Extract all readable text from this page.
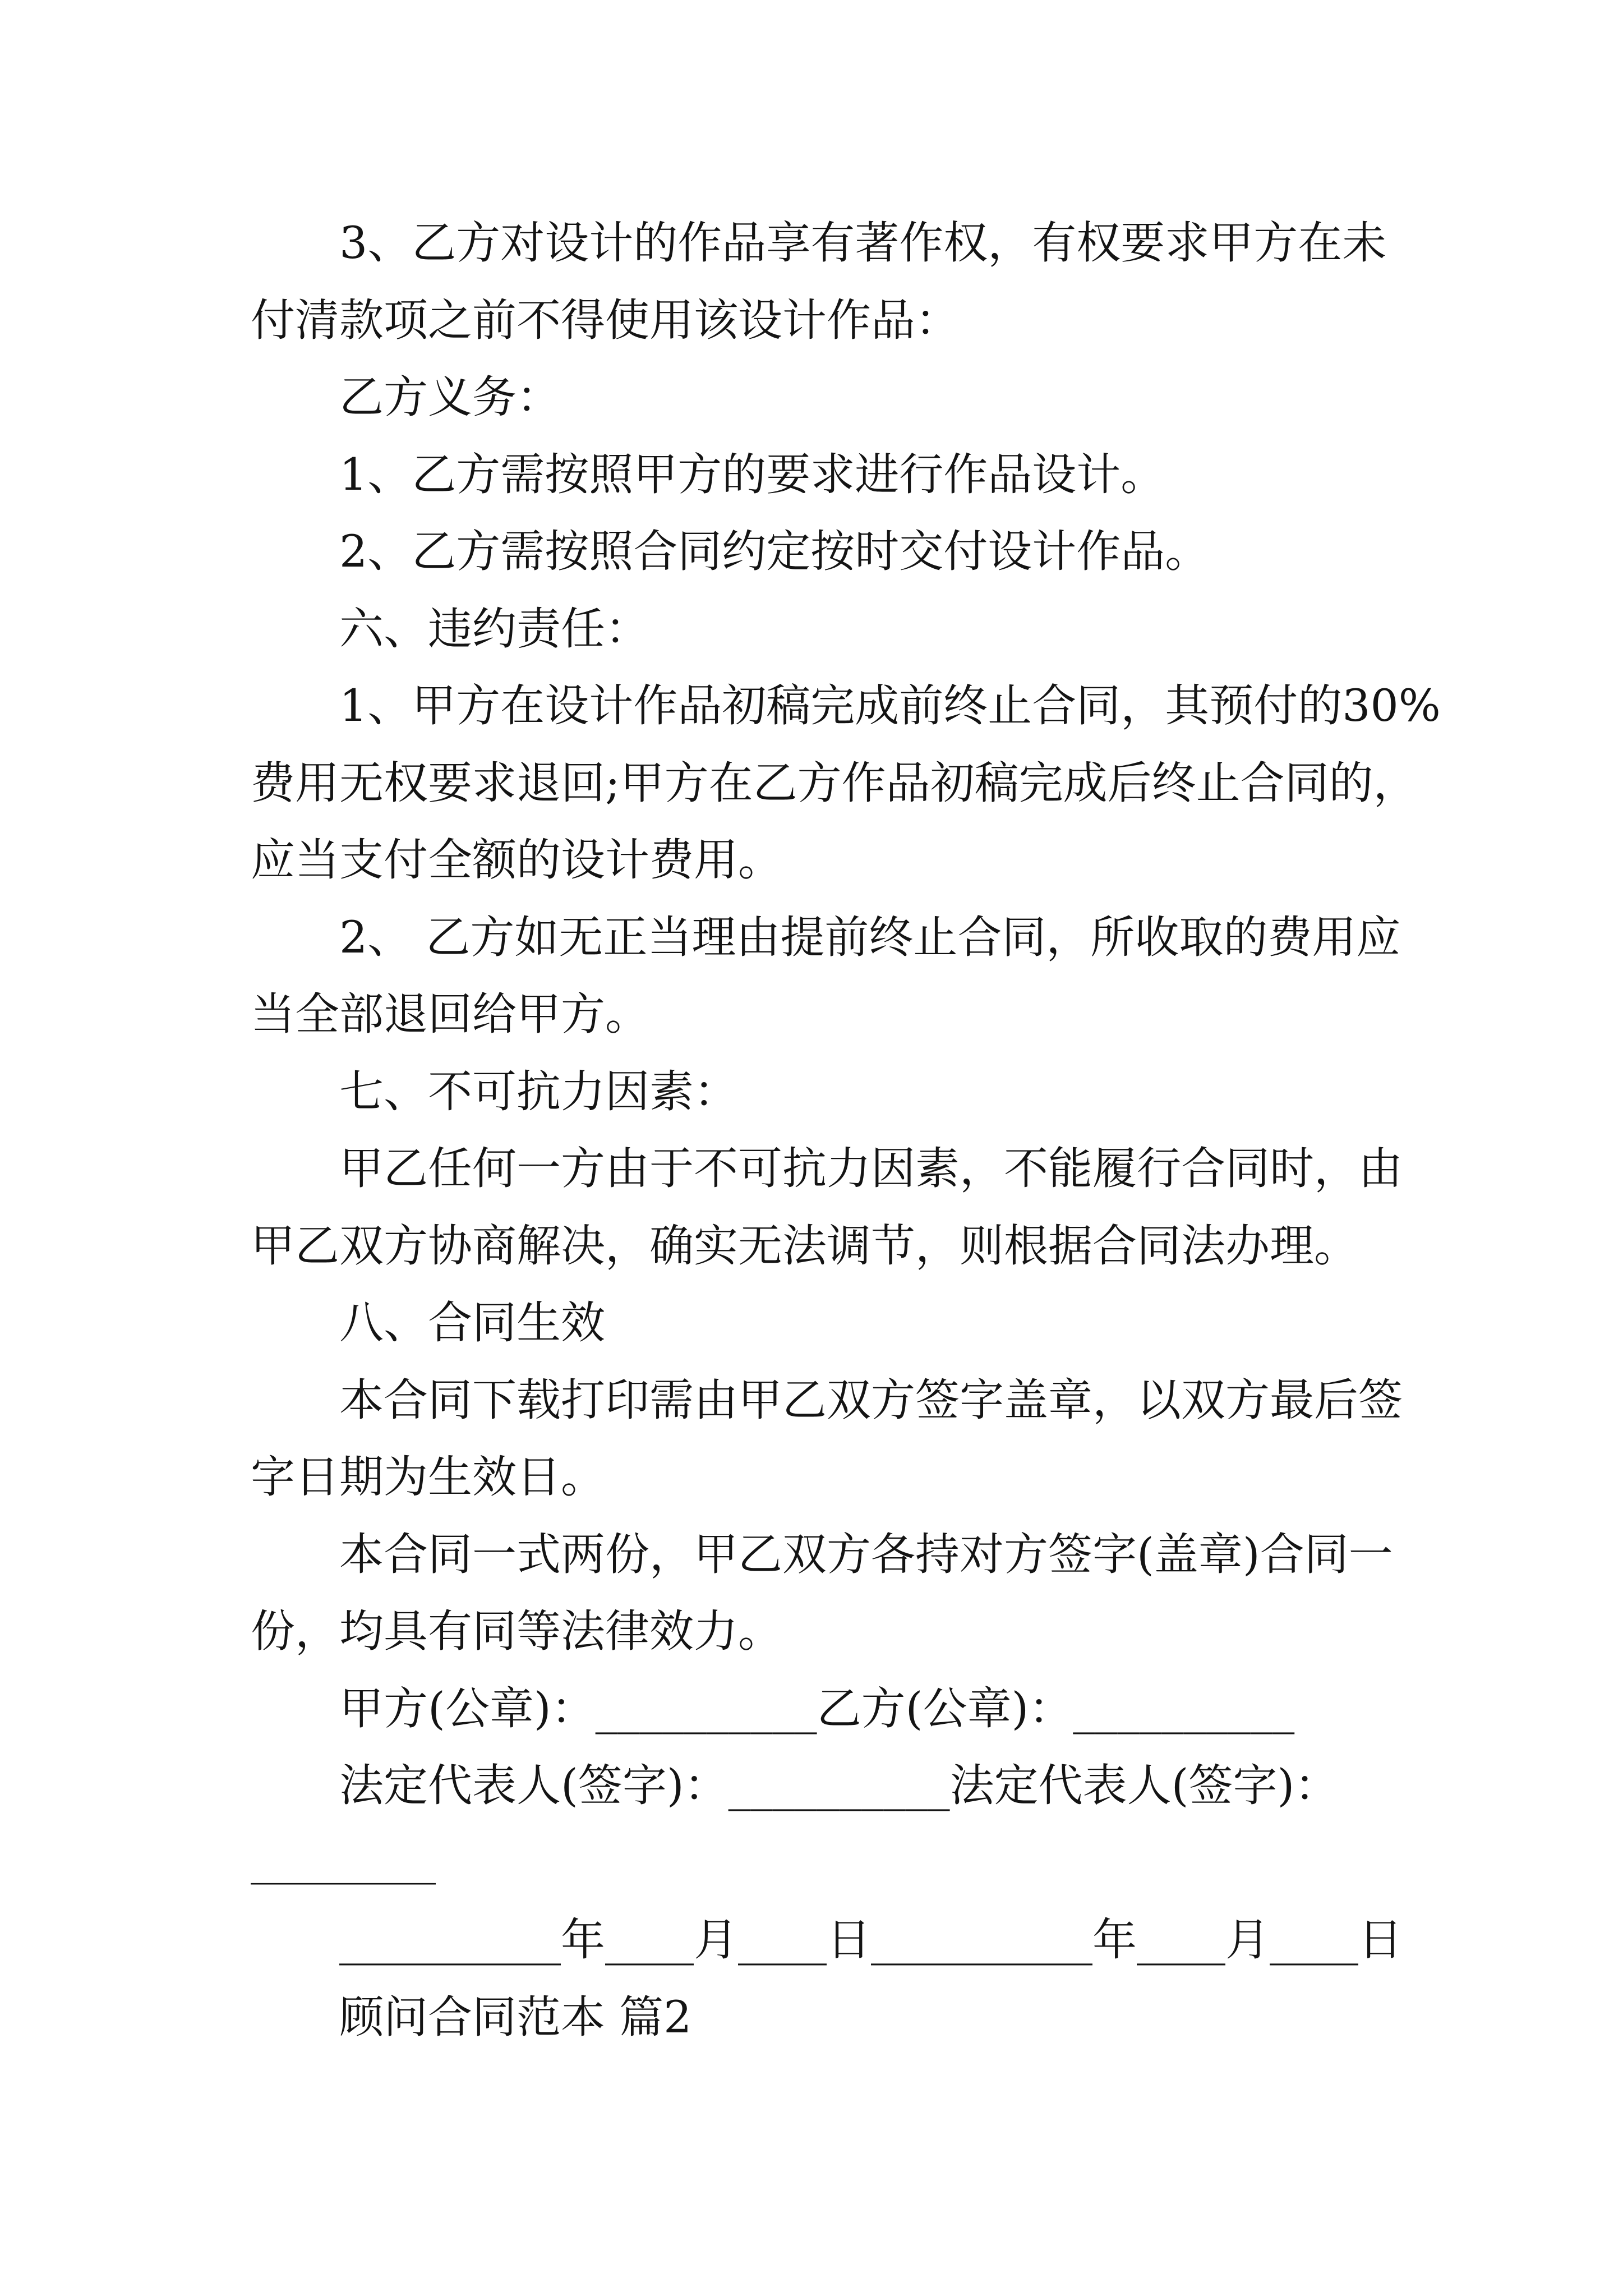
3、乙方对设计的作品享有著作权，有权要求甲方在未
付清款项之前不得使用该设计作品：
乙方义务：
1、乙方需按照甲方的要求进行作品设计。
2、乙方需按照合同约定按时交付设计作品。
六、违约责任：
1、甲方在设计作品初稿完成前终止合同，其预付的30%
费用无权要求退回;甲方在乙方作品初稿完成后终止合同的，
应当支付全额的设计费用。
2、 乙方如无正当理由提前终止合同，所收取的费用应
当全部退回给甲方。
七、不可抗力因素：
甲乙任何一方由于不可抗力因素，不能履行合同时，由
甲乙双方协商解决，确实无法调节，则根据合同法办理。
八、合同生效
本合同下载打印需由甲乙双方签字盖章，以双方最后签
字日期为生效日。
本合同一式两份，甲乙双方各持对方签字(盖章)合同一
份，均具有同等法律效力。
甲方(公章)：__________乙方(公章)：__________
法定代表人(签字)：__________法定代表人(签字)：
__________
__________年____月____日__________年____月____日
顾问合同范本 篇2
